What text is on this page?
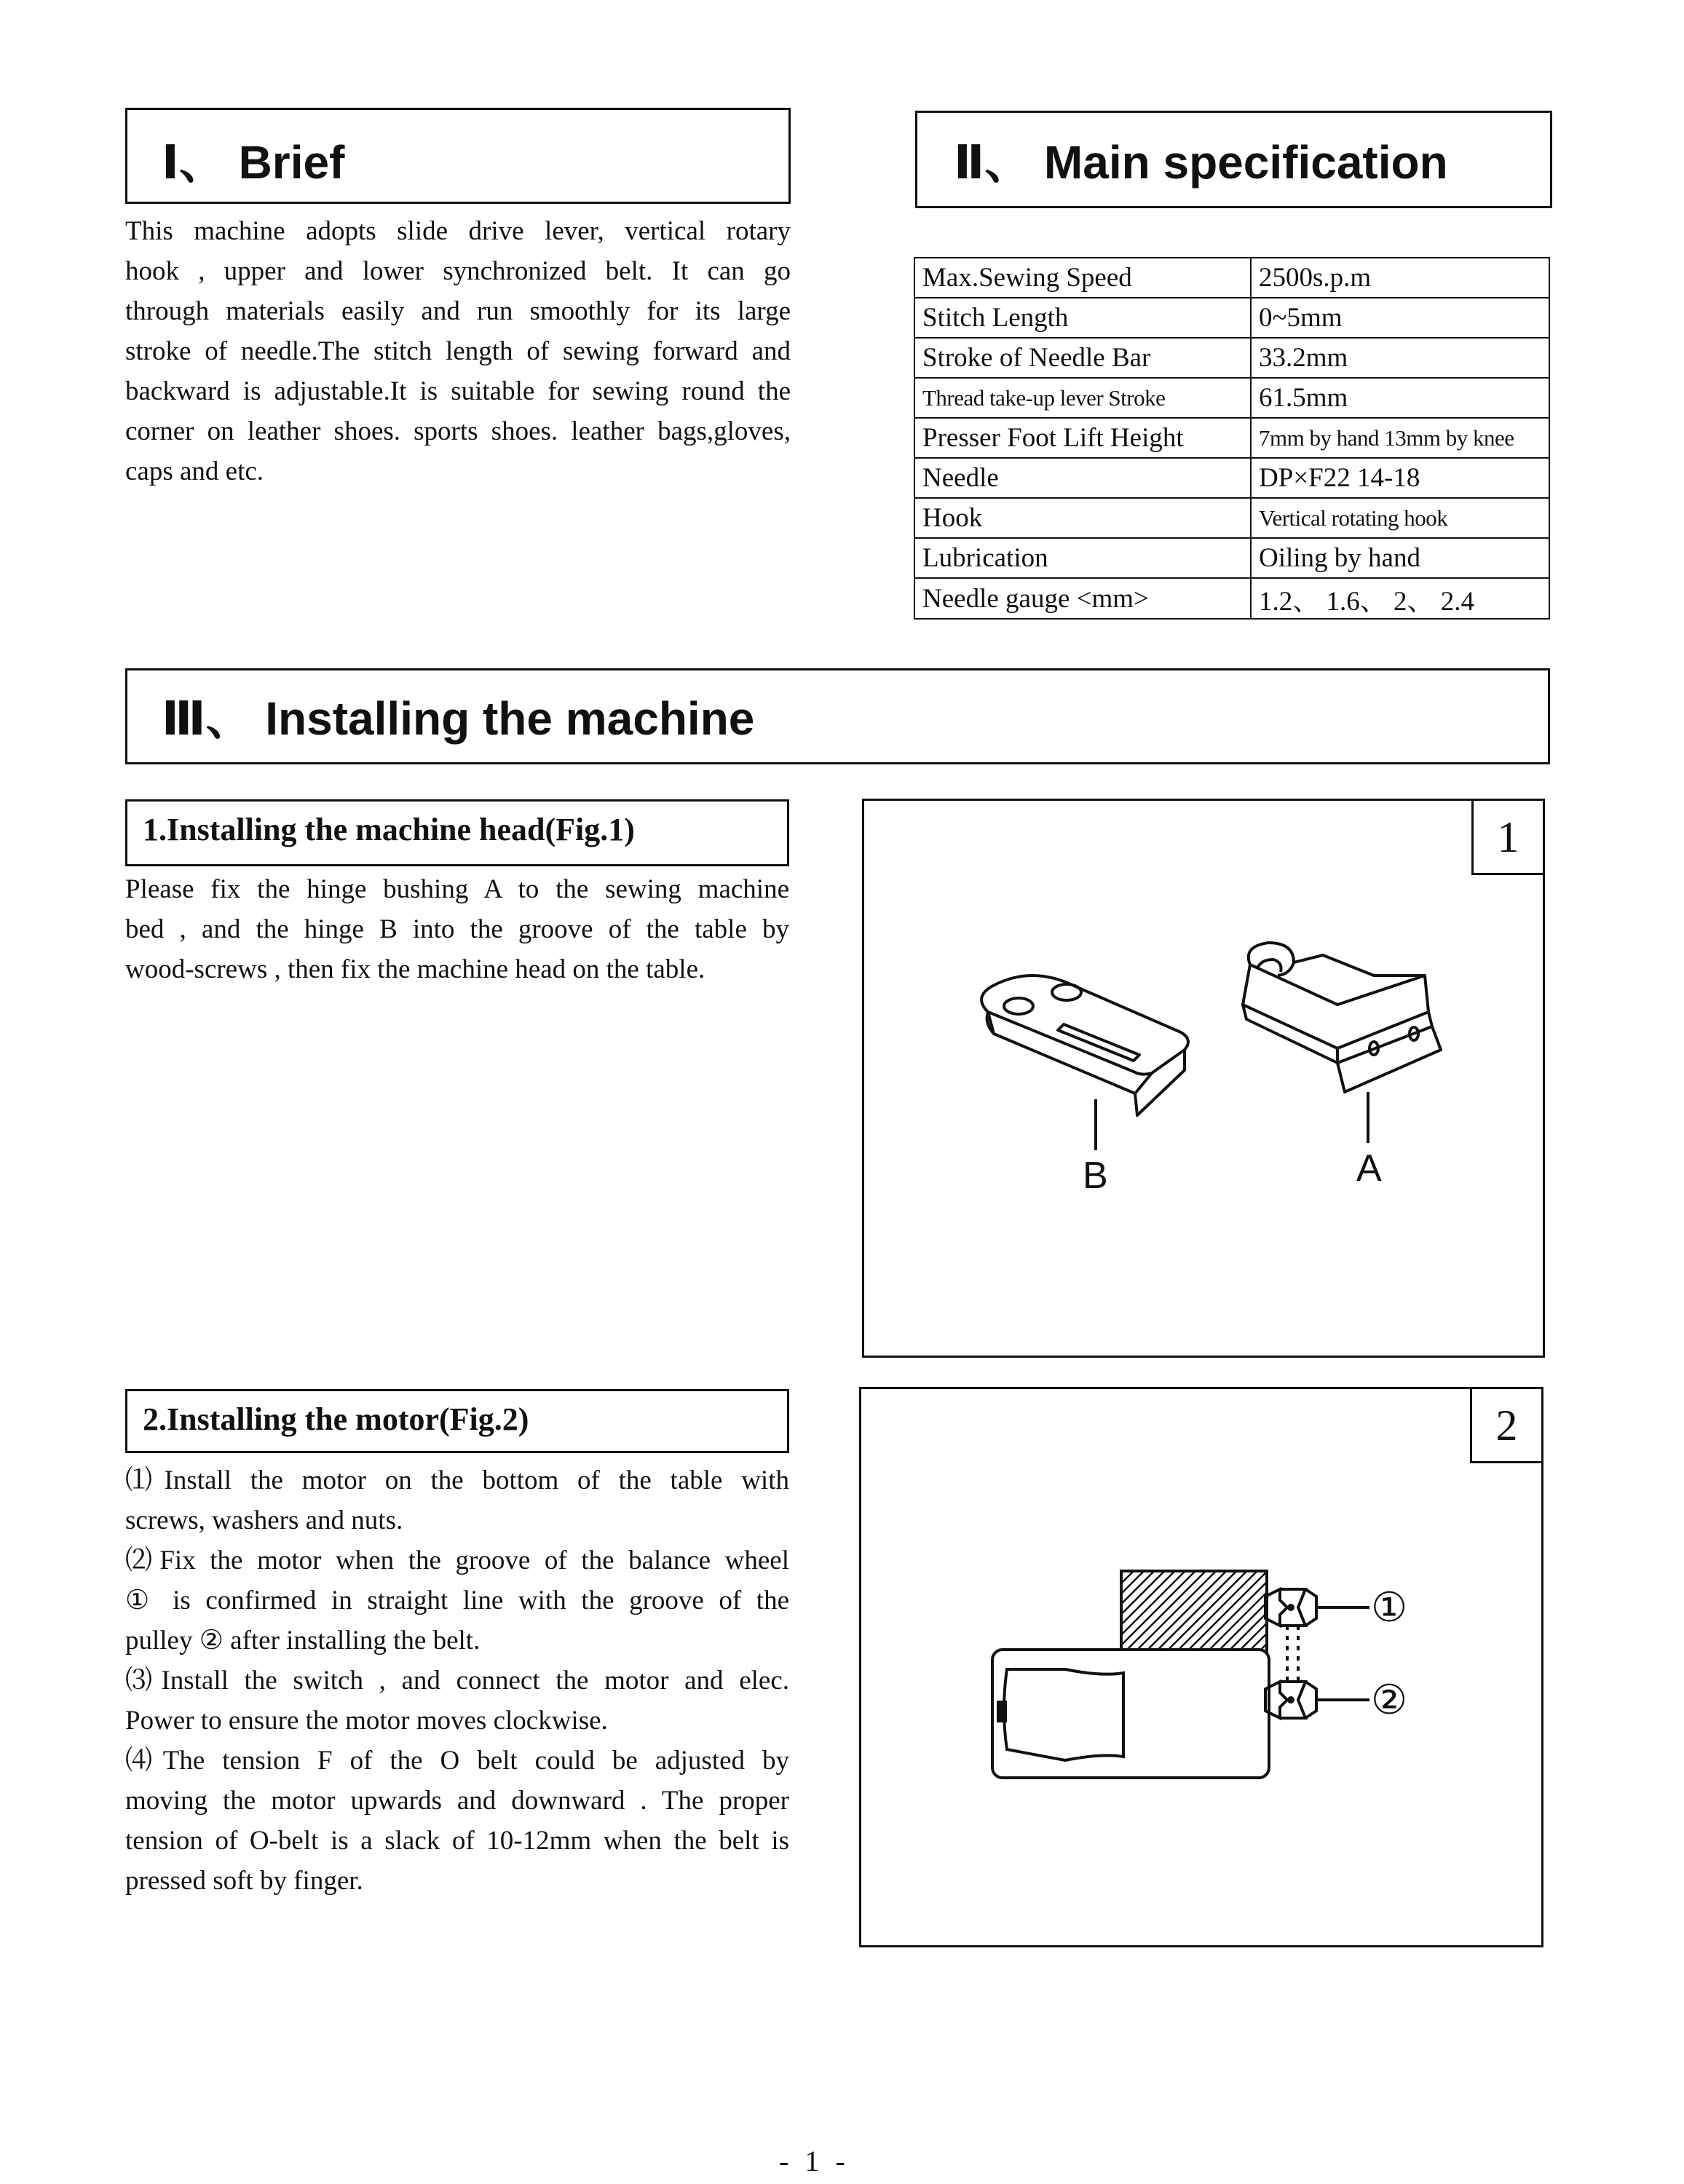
Ⅰ、 Brief
This machine adopts slide drive lever, vertical rotary
hook , upper and lower synchronized belt. It can go
through materials easily and run smoothly for its large
stroke of needle.The stitch length of sewing forward and
backward is adjustable.It is suitable for sewing round the
corner on leather shoes. sports shoes. leather bags,gloves,
caps and etc.
Ⅱ、 Main specification
Max.Sewing Speed	2500s.p.m
Stitch Length	0~5mm
Stroke of Needle Bar	33.2mm
Thread take-up lever Stroke	61.5mm
Presser Foot Lift Height	7mm by hand 13mm by knee
Needle	DP×F22 14-18
Hook	Vertical rotating hook
Lubrication	Oiling by hand
Needle gauge <mm>	1.2、 1.6、 2、 2.4
Ⅲ、 Installing the machine
1.Installing the machine head(Fig.1)
Please fix the hinge bushing A to the sewing machine
bed , and the hinge B into the groove of the table by
wood-screws , then fix the machine head on the table.
1
B	A
2.Installing the motor(Fig.2)
⑴Install the motor on the bottom of the table with
screws, washers and nuts.
⑵Fix the motor when the groove of the balance wheel
① is confirmed in straight line with the groove of the
pulley ② after installing the belt.
⑶Install the switch , and connect the motor and elec.
Power to ensure the motor moves clockwise.
⑷The tension F of the O belt could be adjusted by
moving the motor upwards and downward . The proper
tension of O-belt is a slack of 10-12mm when the belt is
pressed soft by finger.
2
①
②
- 1 -
